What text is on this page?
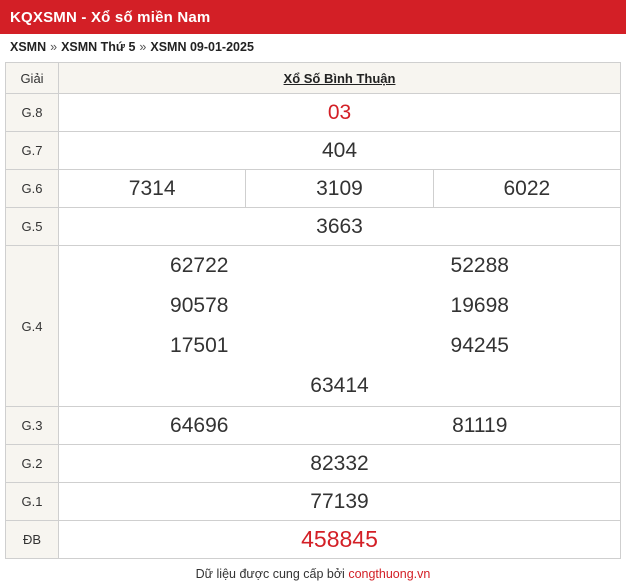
KQXSMN - Xổ số miền Nam
XSMN » XSMN Thứ 5 » XSMN 09-01-2025
Giải	Xổ Số Bình Thuận
G.8	03
G.7	404
G.6	7314	3109	6022
G.5	3663
G.4	
62722	52288
90578	19698
17501	94245
63414

G.3		64696	81119

G.2	82332
G.1	77139
ĐB	458845
Dữ liệu được cung cấp bởi congthuong.vn
